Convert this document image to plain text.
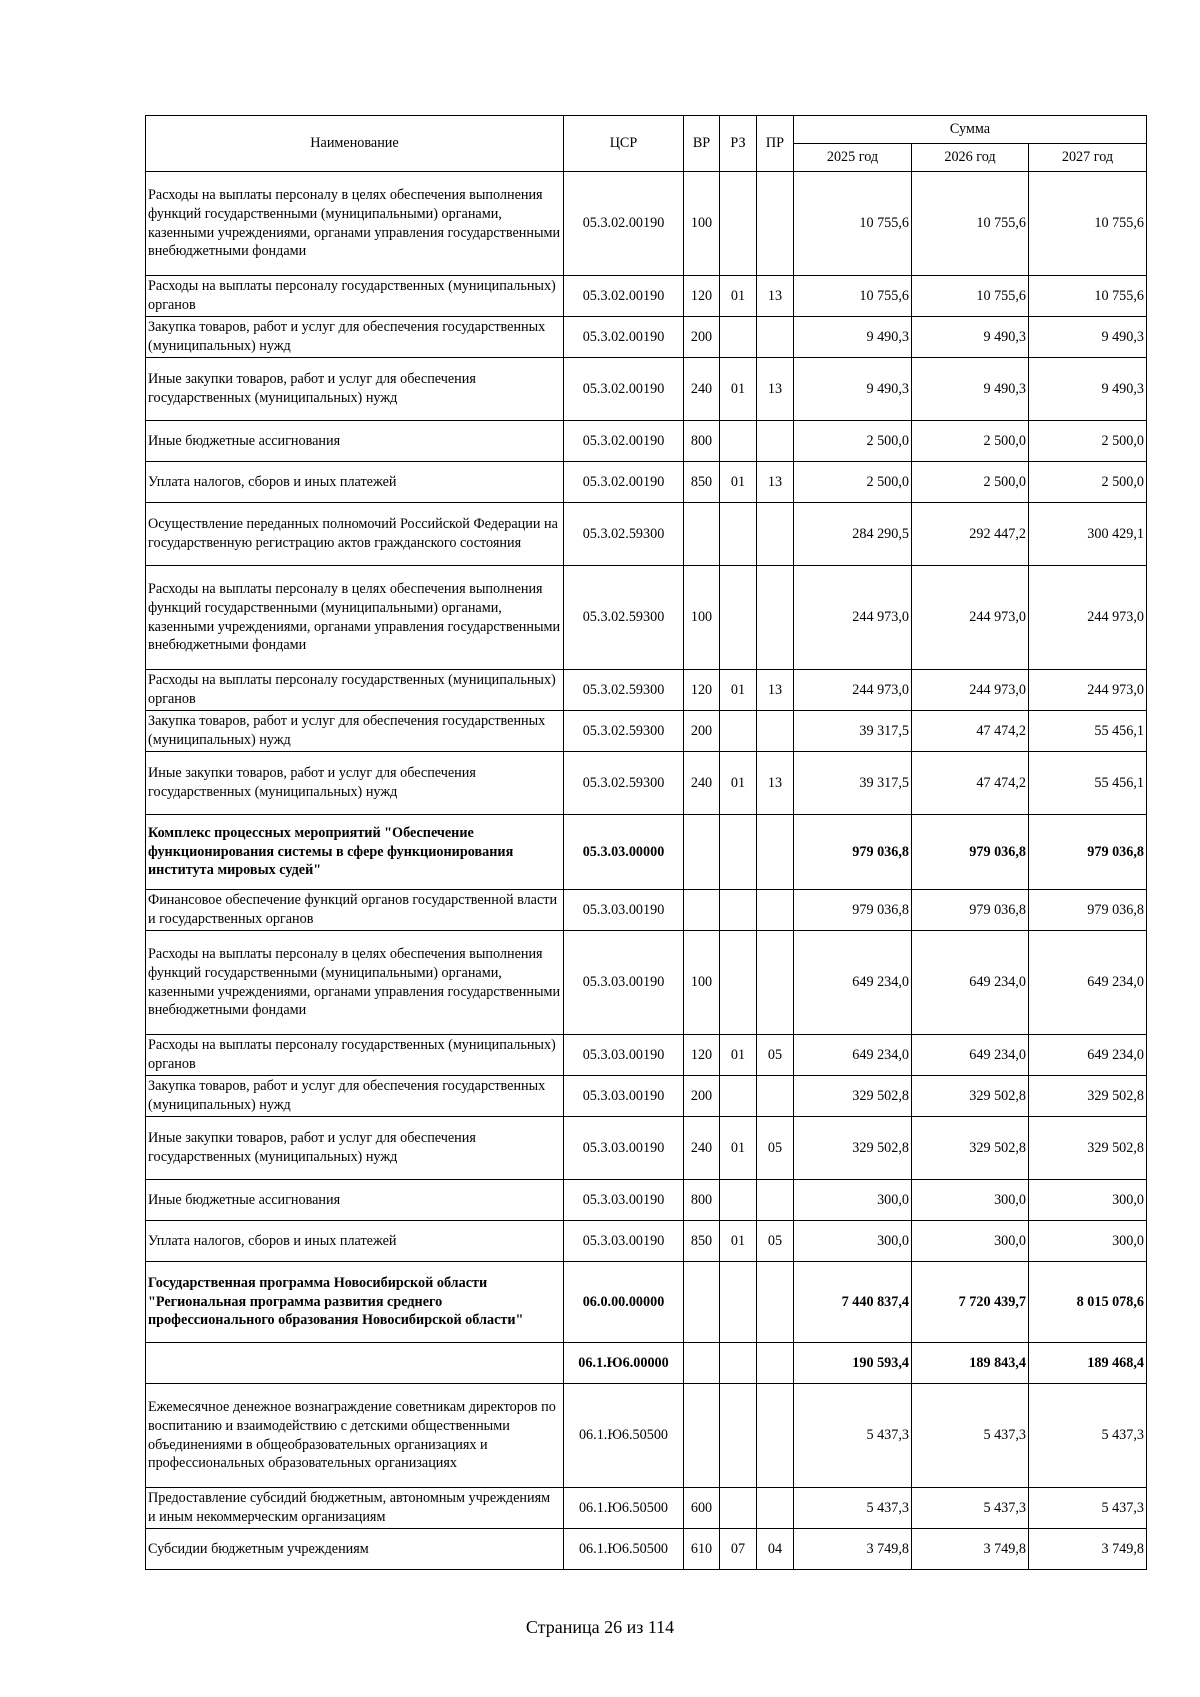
Наименование	ЦСР	ВР	РЗ	ПР	Сумма		
					2025 год	2026 год	2027 год
Расходы на выплаты персоналу в целях обеспечения выполнения функций государственными (муниципальными) органами, казенными учреждениями, органами управления государственными внебюджетными фондами	05.3.02.00190	100			10 755,6	10 755,6	10 755,6
Расходы на выплаты персоналу государственных (муниципальных) органов	05.3.02.00190	120	01	13	10 755,6	10 755,6	10 755,6
Закупка товаров, работ и услуг для обеспечения государственных (муниципальных) нужд	05.3.02.00190	200			9 490,3	9 490,3	9 490,3
Иные закупки товаров, работ и услуг для обеспечения государственных (муниципальных) нужд	05.3.02.00190	240	01	13	9 490,3	9 490,3	9 490,3
Иные бюджетные ассигнования	05.3.02.00190	800			2 500,0	2 500,0	2 500,0
Уплата налогов, сборов и иных платежей	05.3.02.00190	850	01	13	2 500,0	2 500,0	2 500,0
Осуществление переданных полномочий Российской Федерации на государственную регистрацию актов гражданского состояния	05.3.02.59300				284 290,5	292 447,2	300 429,1
Расходы на выплаты персоналу в целях обеспечения выполнения функций государственными (муниципальными) органами, казенными учреждениями, органами управления государственными внебюджетными фондами	05.3.02.59300	100			244 973,0	244 973,0	244 973,0
Расходы на выплаты персоналу государственных (муниципальных) органов	05.3.02.59300	120	01	13	244 973,0	244 973,0	244 973,0
Закупка товаров, работ и услуг для обеспечения государственных (муниципальных) нужд	05.3.02.59300	200			39 317,5	47 474,2	55 456,1
Иные закупки товаров, работ и услуг для обеспечения государственных (муниципальных) нужд	05.3.02.59300	240	01	13	39 317,5	47 474,2	55 456,1
Комплекс процессных мероприятий "Обеспечение функционирования системы в сфере функционирования института мировых судей"	05.3.03.00000				979 036,8	979 036,8	979 036,8
Финансовое обеспечение функций органов государственной власти и государственных органов	05.3.03.00190				979 036,8	979 036,8	979 036,8
Расходы на выплаты персоналу в целях обеспечения выполнения функций государственными (муниципальными) органами, казенными учреждениями, органами управления государственными внебюджетными фондами	05.3.03.00190	100			649 234,0	649 234,0	649 234,0
Расходы на выплаты персоналу государственных (муниципальных) органов	05.3.03.00190	120	01	05	649 234,0	649 234,0	649 234,0
Закупка товаров, работ и услуг для обеспечения государственных (муниципальных) нужд	05.3.03.00190	200			329 502,8	329 502,8	329 502,8
Иные закупки товаров, работ и услуг для обеспечения государственных (муниципальных) нужд	05.3.03.00190	240	01	05	329 502,8	329 502,8	329 502,8
Иные бюджетные ассигнования	05.3.03.00190	800			300,0	300,0	300,0
Уплата налогов, сборов и иных платежей	05.3.03.00190	850	01	05	300,0	300,0	300,0
Государственная программа Новосибирской области "Региональная программа развития среднего профессионального образования Новосибирской области"	06.0.00.00000				7 440 837,4	7 720 439,7	8 015 078,6
	06.1.Ю6.00000				190 593,4	189 843,4	189 468,4
Ежемесячное денежное вознаграждение советникам директоров по воспитанию и взаимодействию с детскими общественными объединениями в общеобразовательных организациях и профессиональных образовательных организациях	06.1.Ю6.50500				5 437,3	5 437,3	5 437,3
Предоставление субсидий бюджетным, автономным учреждениям и иным некоммерческим организациям	06.1.Ю6.50500	600			5 437,3	5 437,3	5 437,3
Субсидии бюджетным учреждениям	06.1.Ю6.50500	610	07	04	3 749,8	3 749,8	3 749,8
Страница 26 из 114
